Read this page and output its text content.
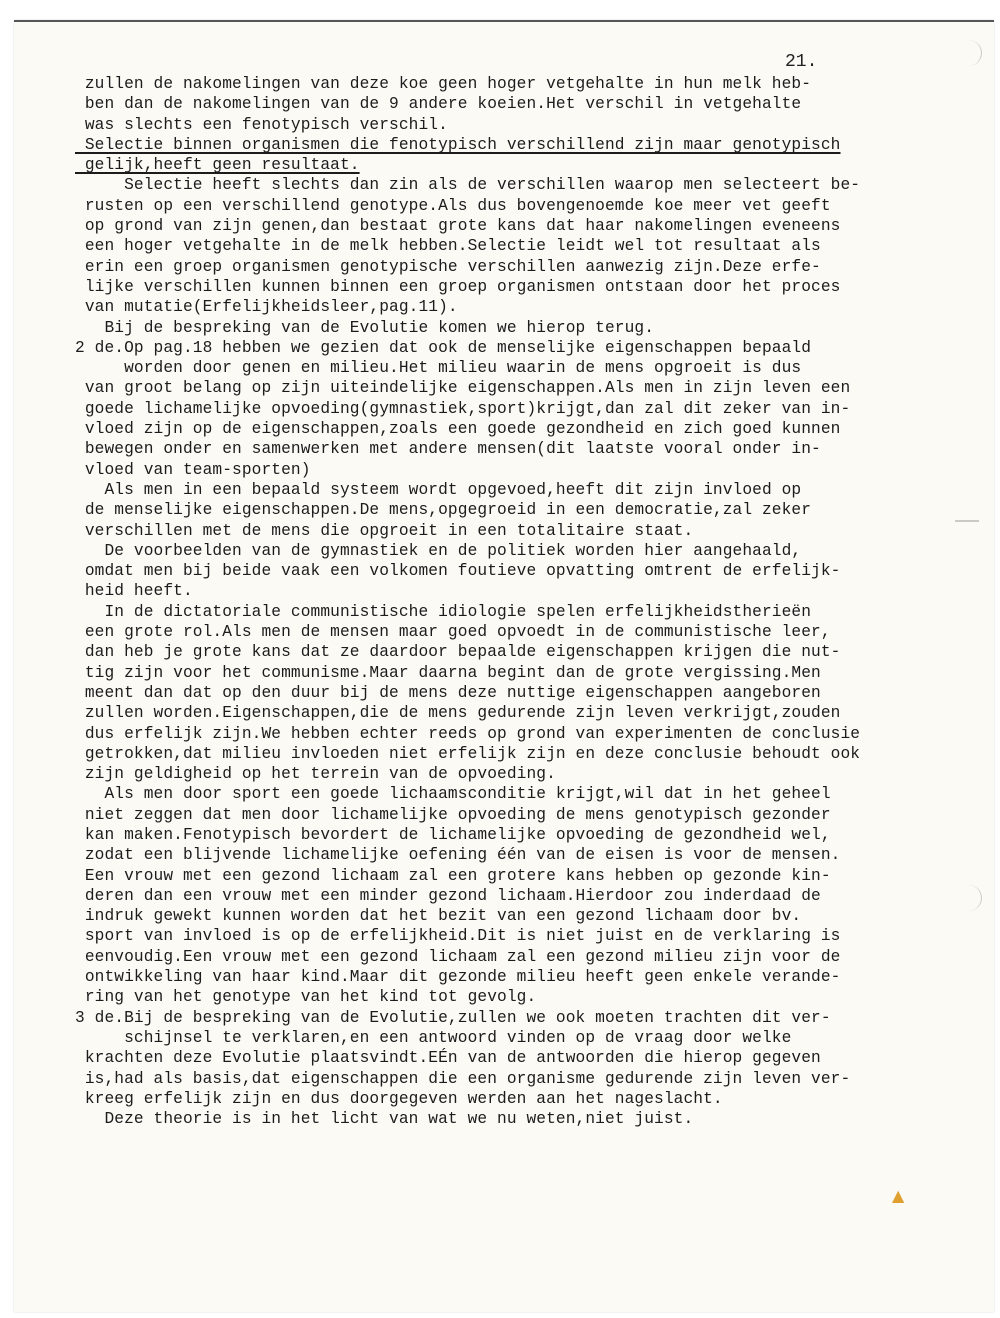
21.
zullen de nakomelingen van deze koe geen hoger vetgehalte in hun melk heb-
ben dan de nakomelingen van de 9 andere koeien.Het verschil in vetgehalte
was slechts een fenotypisch verschil.
Selectie binnen organismen die fenotypisch verschillend zijn maar genotypisch
gelijk,heeft geen resultaat.
Selectie heeft slechts dan zin als de verschillen waarop men selecteert be-
rusten op een verschillend genotype.Als dus bovengenoemde koe meer vet geeft
op grond van zijn genen,dan bestaat grote kans dat haar nakomelingen eveneens
een hoger vetgehalte in de melk hebben.Selectie leidt wel tot resultaat als
erin een groep organismen genotypische verschillen aanwezig zijn.Deze erfe-
lijke verschillen kunnen binnen een groep organismen ontstaan door het proces
van mutatie(Erfelijkheidsleer,pag.11).
Bij de bespreking van de Evolutie komen we hierop terug.
2 de.Op pag.18 hebben we gezien dat ook de menselijke eigenschappen bepaald
worden door genen en milieu.Het milieu waarin de mens opgroeit is dus
van groot belang op zijn uiteindelijke eigenschappen.Als men in zijn leven een
goede lichamelijke opvoeding(gymnastiek,sport)krijgt,dan zal dit zeker van in-
vloed zijn op de eigenschappen,zoals een goede gezondheid en zich goed kunnen
bewegen onder en samenwerken met andere mensen(dit laatste vooral onder in-
vloed van team-sporten)
Als men in een bepaald systeem wordt opgevoed,heeft dit zijn invloed op
de menselijke eigenschappen.De mens,opgegroeid in een democratie,zal zeker
verschillen met de mens die opgroeit in een totalitaire staat.
De voorbeelden van de gymnastiek en de politiek worden hier aangehaald,
omdat men bij beide vaak een volkomen foutieve opvatting omtrent de erfelijk-
heid heeft.
In de dictatoriale communistische idiologie spelen erfelijkheidstherieën
een grote rol.Als men de mensen maar goed opvoedt in de communistische leer,
dan heb je grote kans dat ze daardoor bepaalde eigenschappen krijgen die nut-
tig zijn voor het communisme.Maar daarna begint dan de grote vergissing.Men
meent dan dat op den duur bij de mens deze nuttige eigenschappen aangeboren
zullen worden.Eigenschappen,die de mens gedurende zijn leven verkrijgt,zouden
dus erfelijk zijn.We hebben echter reeds op grond van experimenten de conclusie
getrokken,dat milieu invloeden niet erfelijk zijn en deze conclusie behoudt ook
zijn geldigheid op het terrein van de opvoeding.
Als men door sport een goede lichaamsconditie krijgt,wil dat in het geheel
niet zeggen dat men door lichamelijke opvoeding de mens genotypisch gezonder
kan maken.Fenotypisch bevordert de lichamelijke opvoeding de gezondheid wel,
zodat een blijvende lichamelijke oefening één van de eisen is voor de mensen.
Een vrouw met een gezond lichaam zal een grotere kans hebben op gezonde kin-
deren dan een vrouw met een minder gezond lichaam.Hierdoor zou inderdaad de
indruk gewekt kunnen worden dat het bezit van een gezond lichaam door bv.
sport van invloed is op de erfelijkheid.Dit is niet juist en de verklaring is
eenvoudig.Een vrouw met een gezond lichaam zal een gezond milieu zijn voor de
ontwikkeling van haar kind.Maar dit gezonde milieu heeft geen enkele verande-
ring van het genotype van het kind tot gevolg.
3 de.Bij de bespreking van de Evolutie,zullen we ook moeten trachten dit ver-
schijnsel te verklaren,en een antwoord vinden op de vraag door welke
krachten deze Evolutie plaatsvindt.EÉn van de antwoorden die hierop gegeven
is,had als basis,dat eigenschappen die een organisme gedurende zijn leven ver-
kreeg erfelijk zijn en dus doorgegeven werden aan het nageslacht.
Deze theorie is in het licht van wat we nu weten,niet juist.
▲
